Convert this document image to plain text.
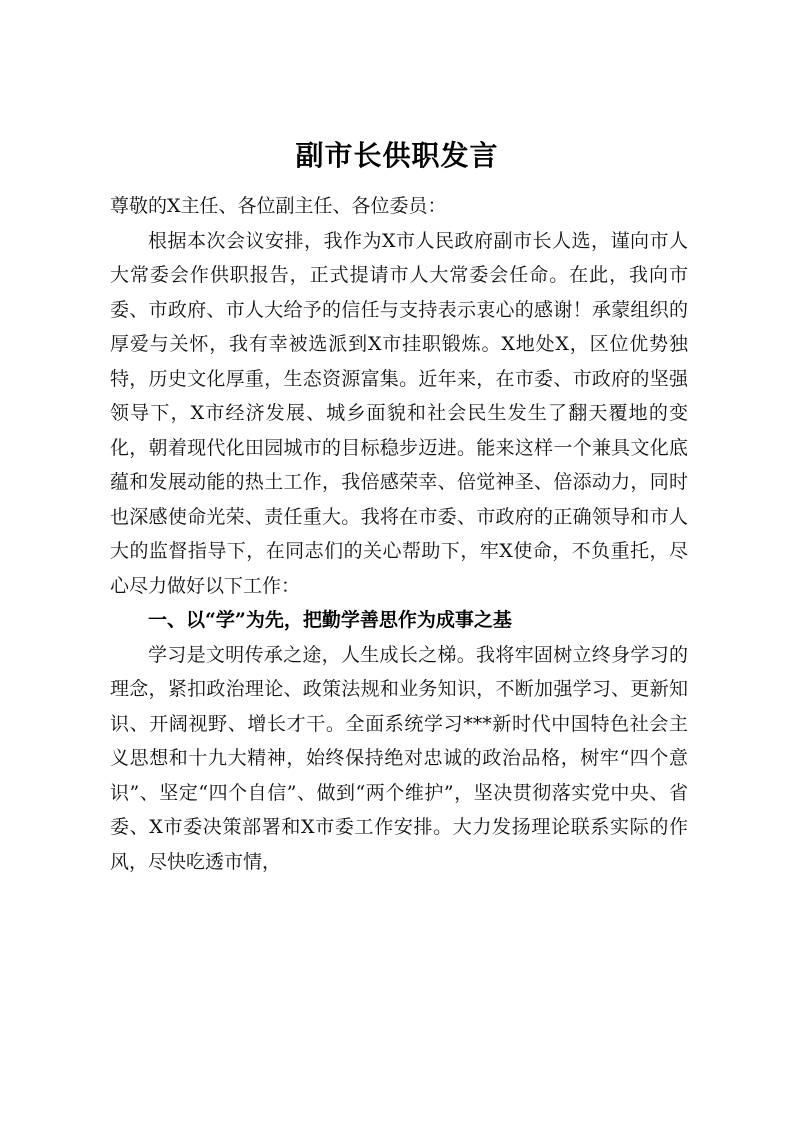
副市长供职发言

尊敬的X主任、各位副主任、各位委员：

根据本次会议安排，我作为X市人民政府副市长人选，谨向市人大常委会作供职报告，正式提请市人大常委会任命。在此，我向市委、市政府、市人大给予的信任与支持表示衷心的感谢！承蒙组织的厚爱与关怀，我有幸被选派到X市挂职锻炼。X地处X，区位优势独特，历史文化厚重，生态资源富集。近年来，在市委、市政府的坚强领导下，X市经济发展、城乡面貌和社会民生发生了翻天覆地的变化，朝着现代化田园城市的目标稳步迈进。能来这样一个兼具文化底蕴和发展动能的热土工作，我倍感荣幸、倍觉神圣、倍添动力，同时也深感使命光荣、责任重大。我将在市委、市政府的正确领导和市人大的监督指导下，在同志们的关心帮助下，牢X使命，不负重托，尽心尽力做好以下工作：

一、以“学”为先，把勤学善思作为成事之基

学习是文明传承之途，人生成长之梯。我将牢固树立终身学习的理念，紧扣政治理论、政策法规和业务知识，不断加强学习、更新知识、开阔视野、增长才干。全面系统学习***新时代中国特色社会主义思想和十九大精神，始终保持绝对忠诚的政治品格，树牢“四个意识”、坚定“四个自信”、做到“两个维护”，坚决贯彻落实党中央、省委、X市委决策部署和X市委工作安排。大力发扬理论联系实际的作风，尽快吃透市情，
